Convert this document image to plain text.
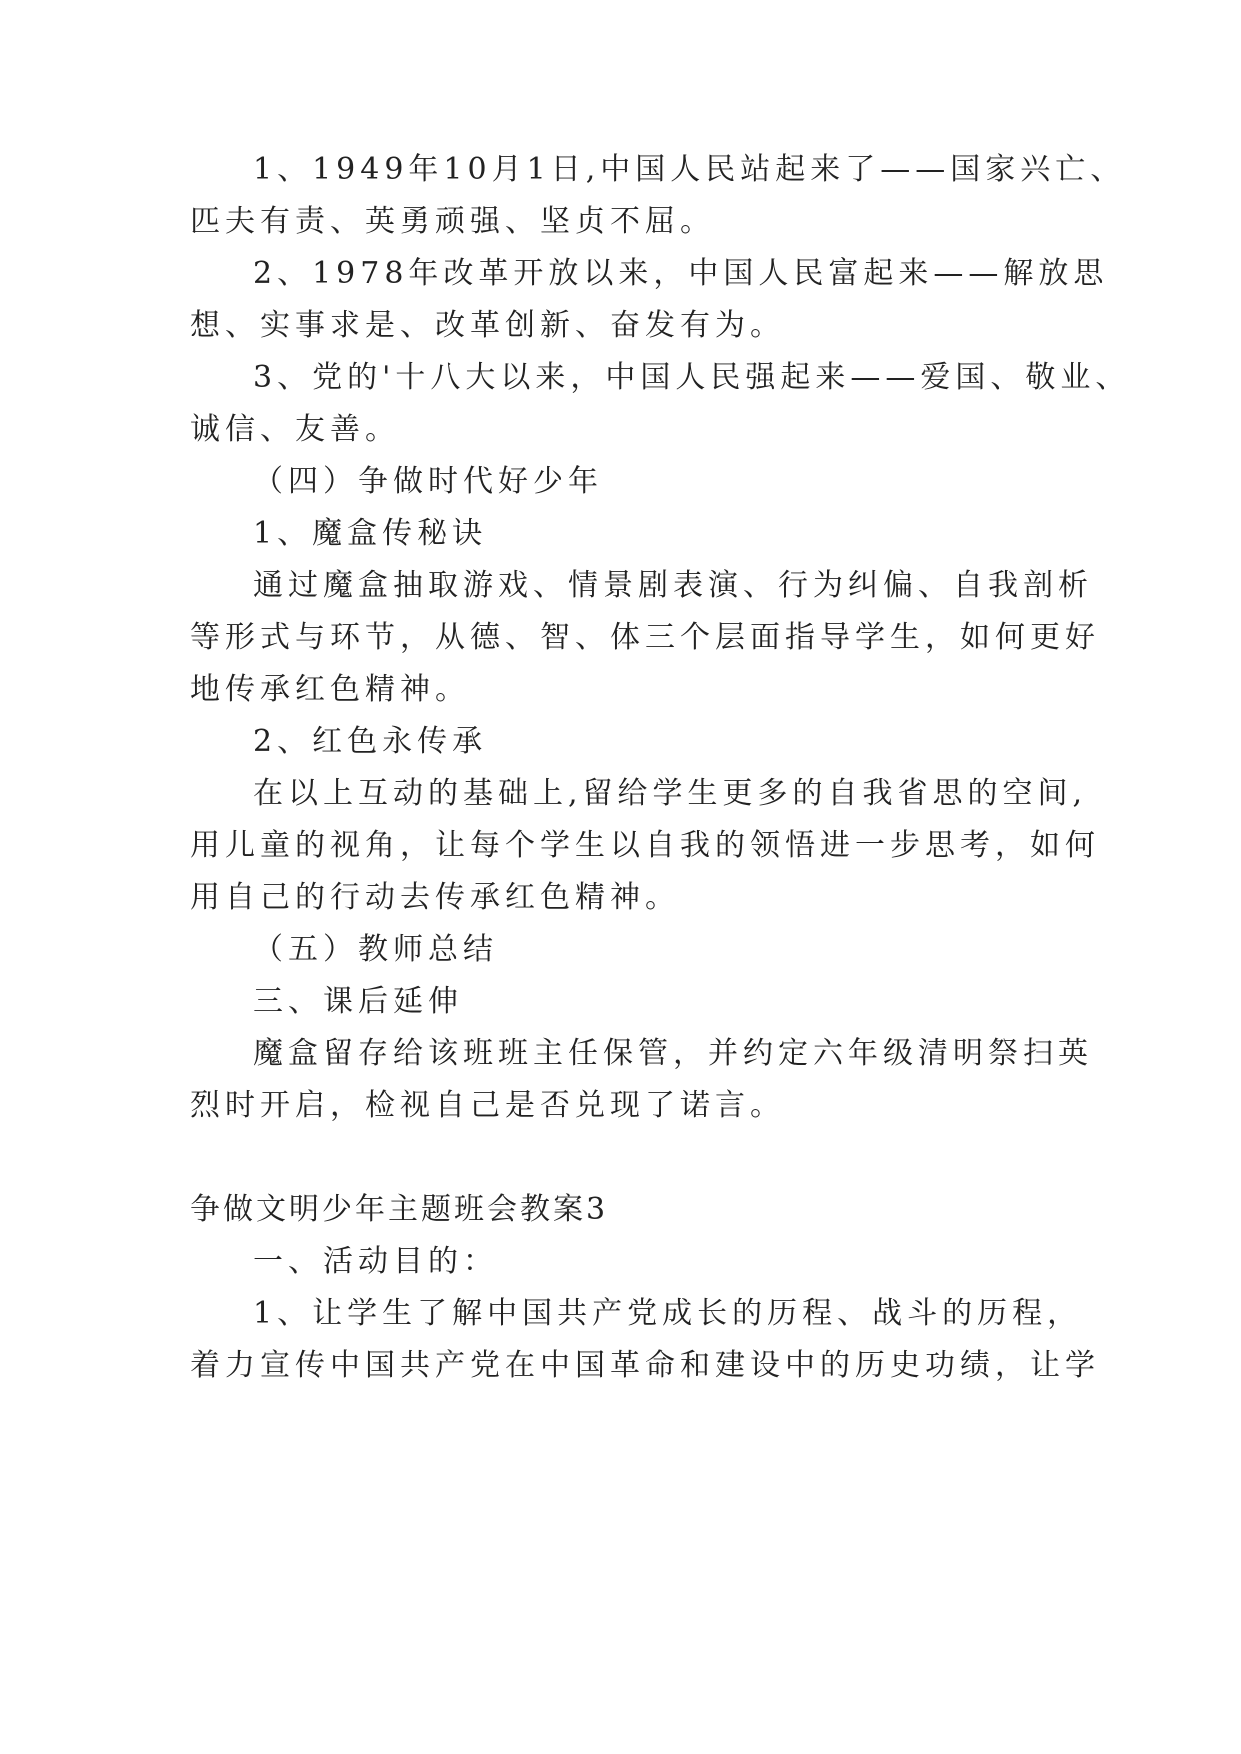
1、1949年10月1日,中国人民站起来了——国家兴亡、
匹夫有责、英勇顽强、坚贞不屈。
2、1978年改革开放以来，中国人民富起来——解放思
想、实事求是、改革创新、奋发有为。
3、党的'十八大以来，中国人民强起来——爱国、敬业、
诚信、友善。
（四）争做时代好少年
1、魔盒传秘诀
通过魔盒抽取游戏、情景剧表演、行为纠偏、自我剖析
等形式与环节，从德、智、体三个层面指导学生，如何更好
地传承红色精神。
2、红色永传承
在以上互动的基础上,留给学生更多的自我省思的空间,
用儿童的视角，让每个学生以自我的领悟进一步思考，如何
用自己的行动去传承红色精神。
（五）教师总结
三、课后延伸
魔盒留存给该班班主任保管，并约定六年级清明祭扫英
烈时开启，检视自己是否兑现了诺言。
争做文明少年主题班会教案3
一、活动目的：
1、让学生了解中国共产党成长的历程、战斗的历程，
着力宣传中国共产党在中国革命和建设中的历史功绩，让学
